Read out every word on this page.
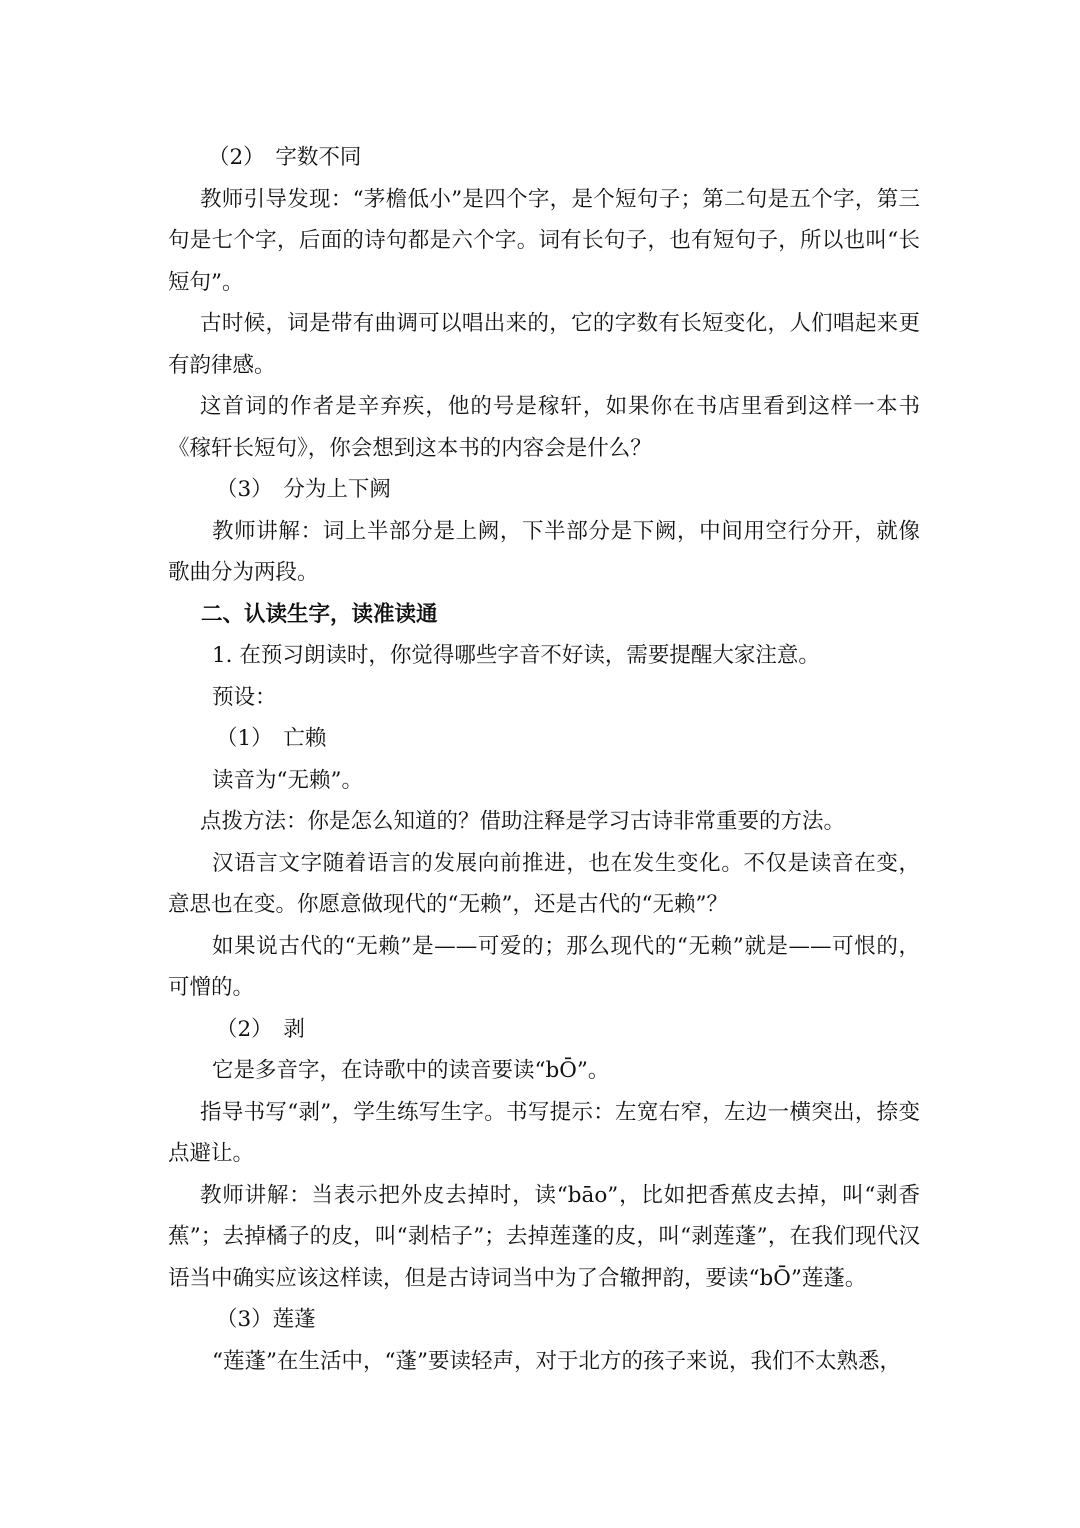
（2）　字数不同

教师引导发现：“茅檐低小”是四个字，是个短句子；第二句是五个字，第三句是七个字，后面的诗句都是六个字。词有长句子，也有短句子，所以也叫“长短句”。

古时候，词是带有曲调可以唱出来的，它的字数有长短变化，人们唱起来更有韵律感。

这首词的作者是辛弃疾，他的号是稼轩，如果你在书店里看到这样一本书《稼轩长短句》，你会想到这本书的内容会是什么？

（3）　分为上下阙

教师讲解：词上半部分是上阙，下半部分是下阙，中间用空行分开，就像歌曲分为两段。

二、认读生字，读准读通

1. 在预习朗读时，你觉得哪些字音不好读，需要提醒大家注意。

预设：

（1）　亡赖

读音为“无赖”。

点拨方法：你是怎么知道的？借助注释是学习古诗非常重要的方法。

汉语言文字随着语言的发展向前推进，也在发生变化。不仅是读音在变，意思也在变。你愿意做现代的“无赖”，还是古代的“无赖”？

如果说古代的“无赖”是——可爱的；那么现代的“无赖”就是——可恨的，可憎的。

（2）　剥

它是多音字，在诗歌中的读音要读“bŌ”。

指导书写“剥”，学生练写生字。书写提示：左宽右窄，左边一横突出，捺变点避让。

教师讲解：当表示把外皮去掉时，读“bāo”，比如把香蕉皮去掉，叫“剥香蕉”；去掉橘子的皮，叫“剥桔子”；去掉莲蓬的皮，叫“剥莲蓬”，在我们现代汉语当中确实应该这样读，但是古诗词当中为了合辙押韵，要读“bŌ”莲蓬。

（3）莲蓬

“莲蓬”在生活中，“蓬”要读轻声，对于北方的孩子来说，我们不太熟悉，
